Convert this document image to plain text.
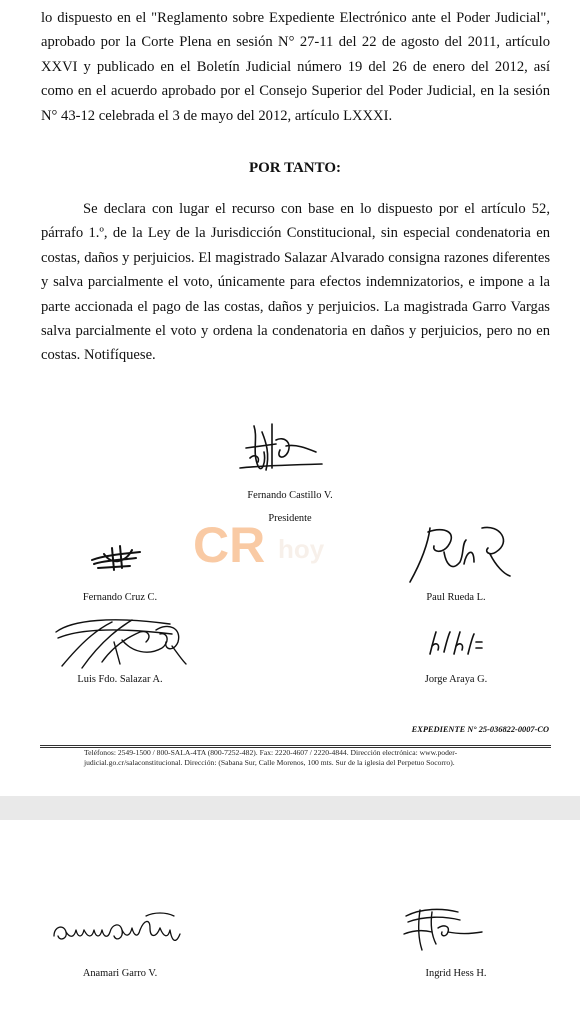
lo dispuesto en el "Reglamento sobre Expediente Electrónico ante el Poder Judicial", aprobado por la Corte Plena en sesión N° 27-11 del 22 de agosto del 2011, artículo XXVI y publicado en el Boletín Judicial número 19 del 26 de enero del 2012, así como en el acuerdo aprobado por el Consejo Superior del Poder Judicial, en la sesión N° 43-12 celebrada el 3 de mayo del 2012, artículo LXXXI.
POR TANTO:
Se declara con lugar el recurso con base en lo dispuesto por el artículo 52, párrafo 1.º, de la Ley de la Jurisdicción Constitucional, sin especial condenatoria en costas, daños y perjuicios. El magistrado Salazar Alvarado consigna razones diferentes y salva parcialmente el voto, únicamente para efectos indemnizatorios, e impone a la parte accionada el pago de las costas, daños y perjuicios. La magistrada Garro Vargas salva parcialmente el voto y ordena la condenatoria en daños y perjuicios, pero no en costas. Notifíquese.
Fernando Castillo V.
Presidente
CR hoy
Fernando Cruz C.	Paul Rueda L.
Luis Fdo. Salazar A.	Jorge Araya G.
EXPEDIENTE N° 25-036822-0007-CO
Teléfonos: 2549-1500 / 800-SALA-4TA (800-7252-482). Fax: 2220-4607 / 2220-4844. Dirección electrónica: www.poder-judicial.go.cr/salaconstitucional. Dirección: (Sabana Sur, Calle Morenos, 100 mts. Sur de la iglesia del Perpetuo Socorro).
Anamari Garro V.	Ingrid Hess H.
